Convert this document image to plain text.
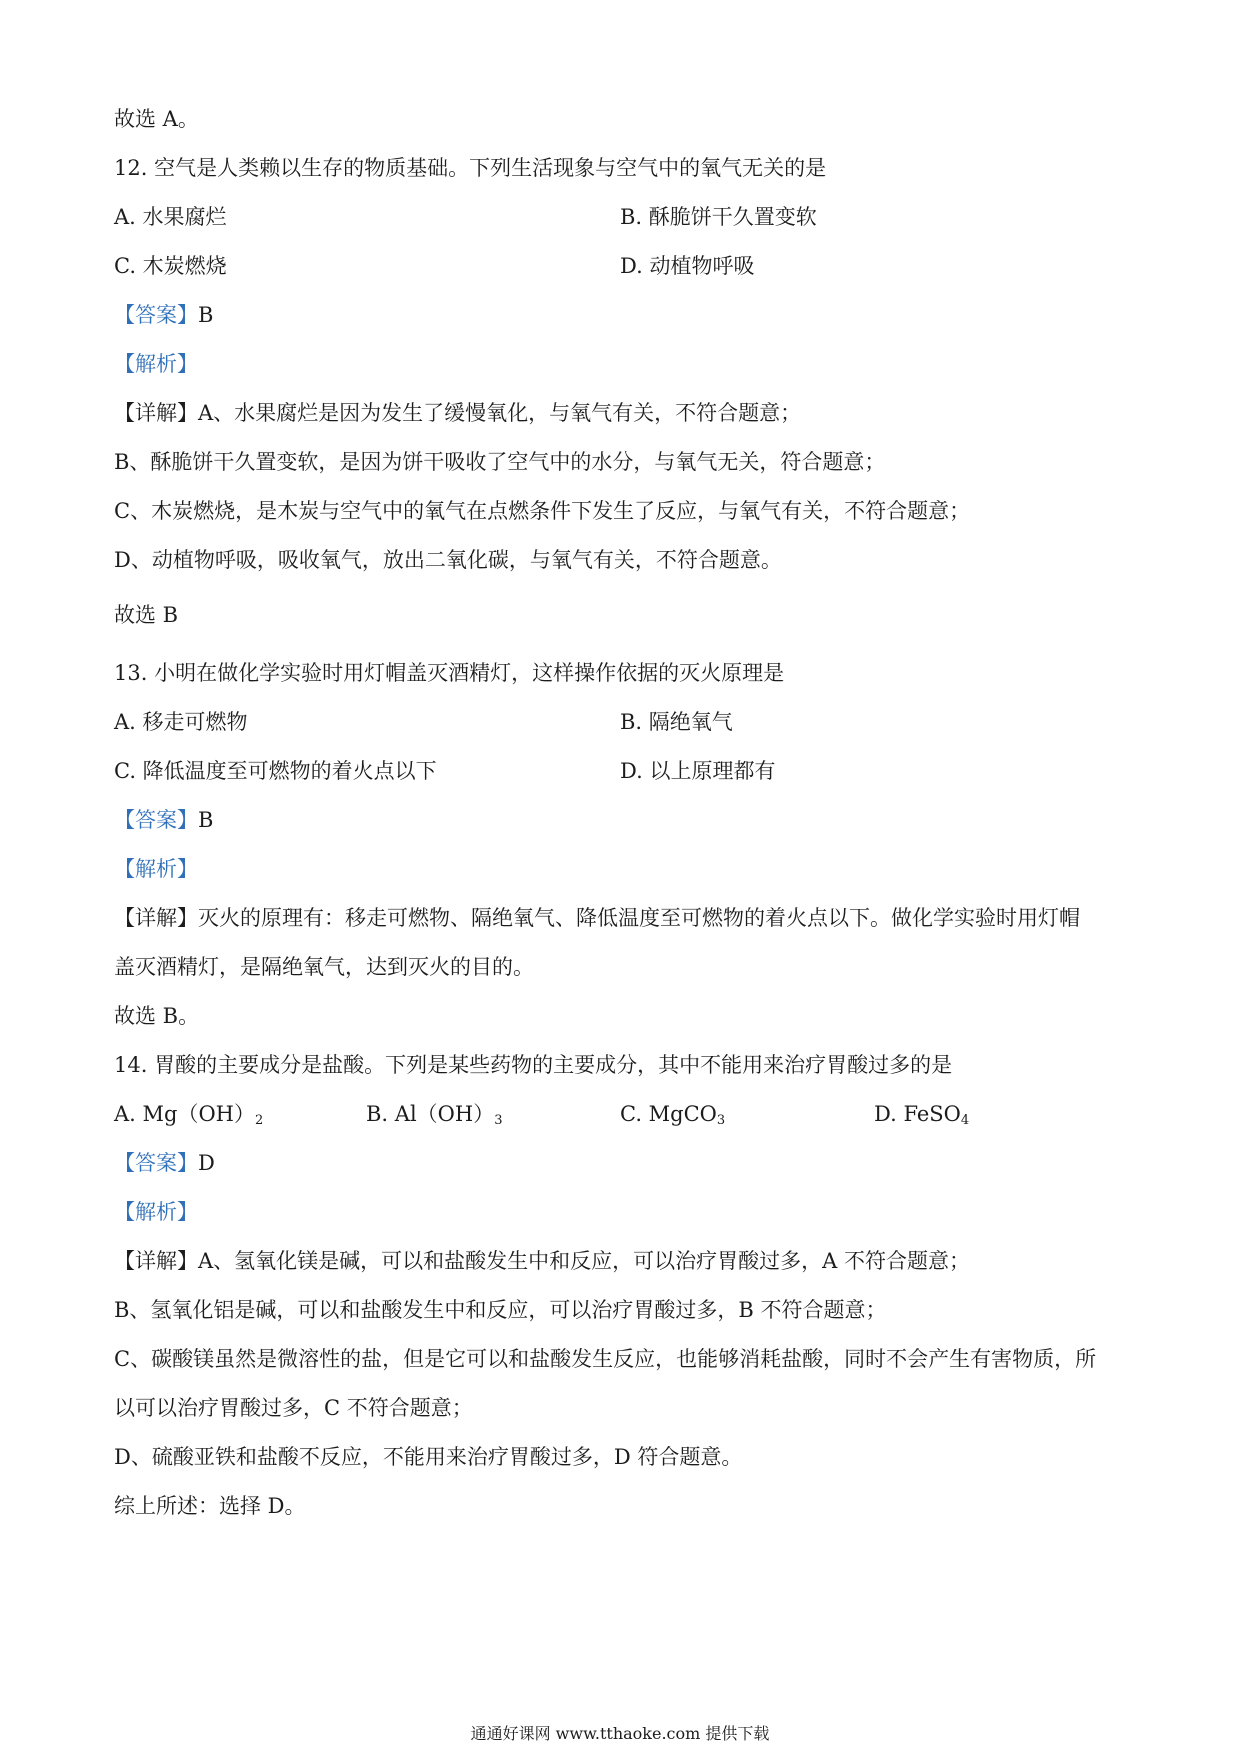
故选 A。
12. 空气是人类赖以生存的物质基础。下列生活现象与空气中的氧气无关的是
A. 水果腐烂	B. 酥脆饼干久置变软
C. 木炭燃烧	D. 动植物呼吸
【答案】B
【解析】
【详解】A、水果腐烂是因为发生了缓慢氧化，与氧气有关，不符合题意；
B、酥脆饼干久置变软，是因为饼干吸收了空气中的水分，与氧气无关，符合题意；
C、木炭燃烧，是木炭与空气中的氧气在点燃条件下发生了反应，与氧气有关，不符合题意；
D、动植物呼吸，吸收氧气，放出二氧化碳，与氧气有关，不符合题意。
故选 B
13. 小明在做化学实验时用灯帽盖灭酒精灯，这样操作依据的灭火原理是
A. 移走可燃物	B. 隔绝氧气
C. 降低温度至可燃物的着火点以下	D. 以上原理都有
【答案】B
【解析】
【详解】灭火的原理有：移走可燃物、隔绝氧气、降低温度至可燃物的着火点以下。做化学实验时用灯帽
盖灭酒精灯，是隔绝氧气，达到灭火的目的。
故选 B。
14. 胃酸的主要成分是盐酸。下列是某些药物的主要成分，其中不能用来治疗胃酸过多的是
A. $Mg(OH)_2$	B. $Al(OH)_3$	C. MgCO$_3$	D. FeSO$_4$
【答案】D
【解析】
【详解】A、氢氧化镁是碱，可以和盐酸发生中和反应，可以治疗胃酸过多，A 不符合题意；
B、氢氧化铝是碱，可以和盐酸发生中和反应，可以治疗胃酸过多，B 不符合题意；
C、碳酸镁虽然是微溶性的盐，但是它可以和盐酸发生反应，也能够消耗盐酸，同时不会产生有害物质，所
以可以治疗胃酸过多，C 不符合题意；
D、硫酸亚铁和盐酸不反应，不能用来治疗胃酸过多，D 符合题意。
综上所述：选择 D。
通通好课网 www.tthaoke.com 提供下载
